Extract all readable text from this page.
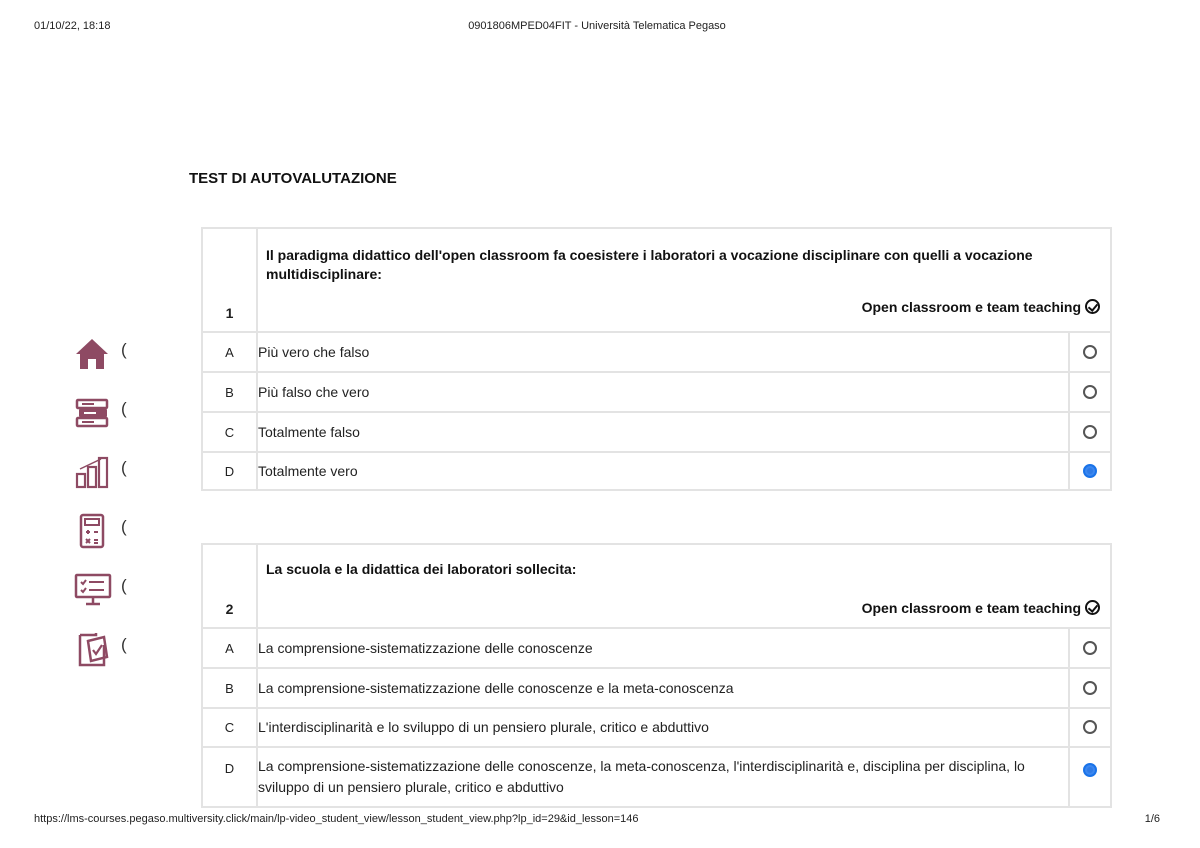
01/10/22, 18:18	0901806MPED04FIT - Università Telematica Pegaso
TEST DI AUTOVALUTAZIONE
(
(
(
(
(
(
1	Il paradigma didattico dell'open classroom fa coesistere i laboratori a vocazione disciplinare con quelli a vocazione multidisciplinare:
Open classroom e team teaching	

A	Più vero che falso	
B	Più falso che vero	
C	Totalmente falso	
D	Totalmente vero	
2	La scuola e la didattica dei laboratori sollecita:
Open classroom e team teaching	

A	La comprensione-sistematizzazione delle conoscenze	
B	La comprensione-sistematizzazione delle conoscenze e la meta-conoscenza	
C	L'interdisciplinarità e lo sviluppo di un pensiero plurale, critico e abduttivo	
D	La comprensione-sistematizzazione delle conoscenze, la meta-conoscenza, l'interdisciplinarità e, disciplina per disciplina, lo sviluppo di un pensiero plurale, critico e abduttivo	
https://lms-courses.pegaso.multiversity.click/main/lp-video_student_view/lesson_student_view.php?lp_id=29&id_lesson=146	1/6
